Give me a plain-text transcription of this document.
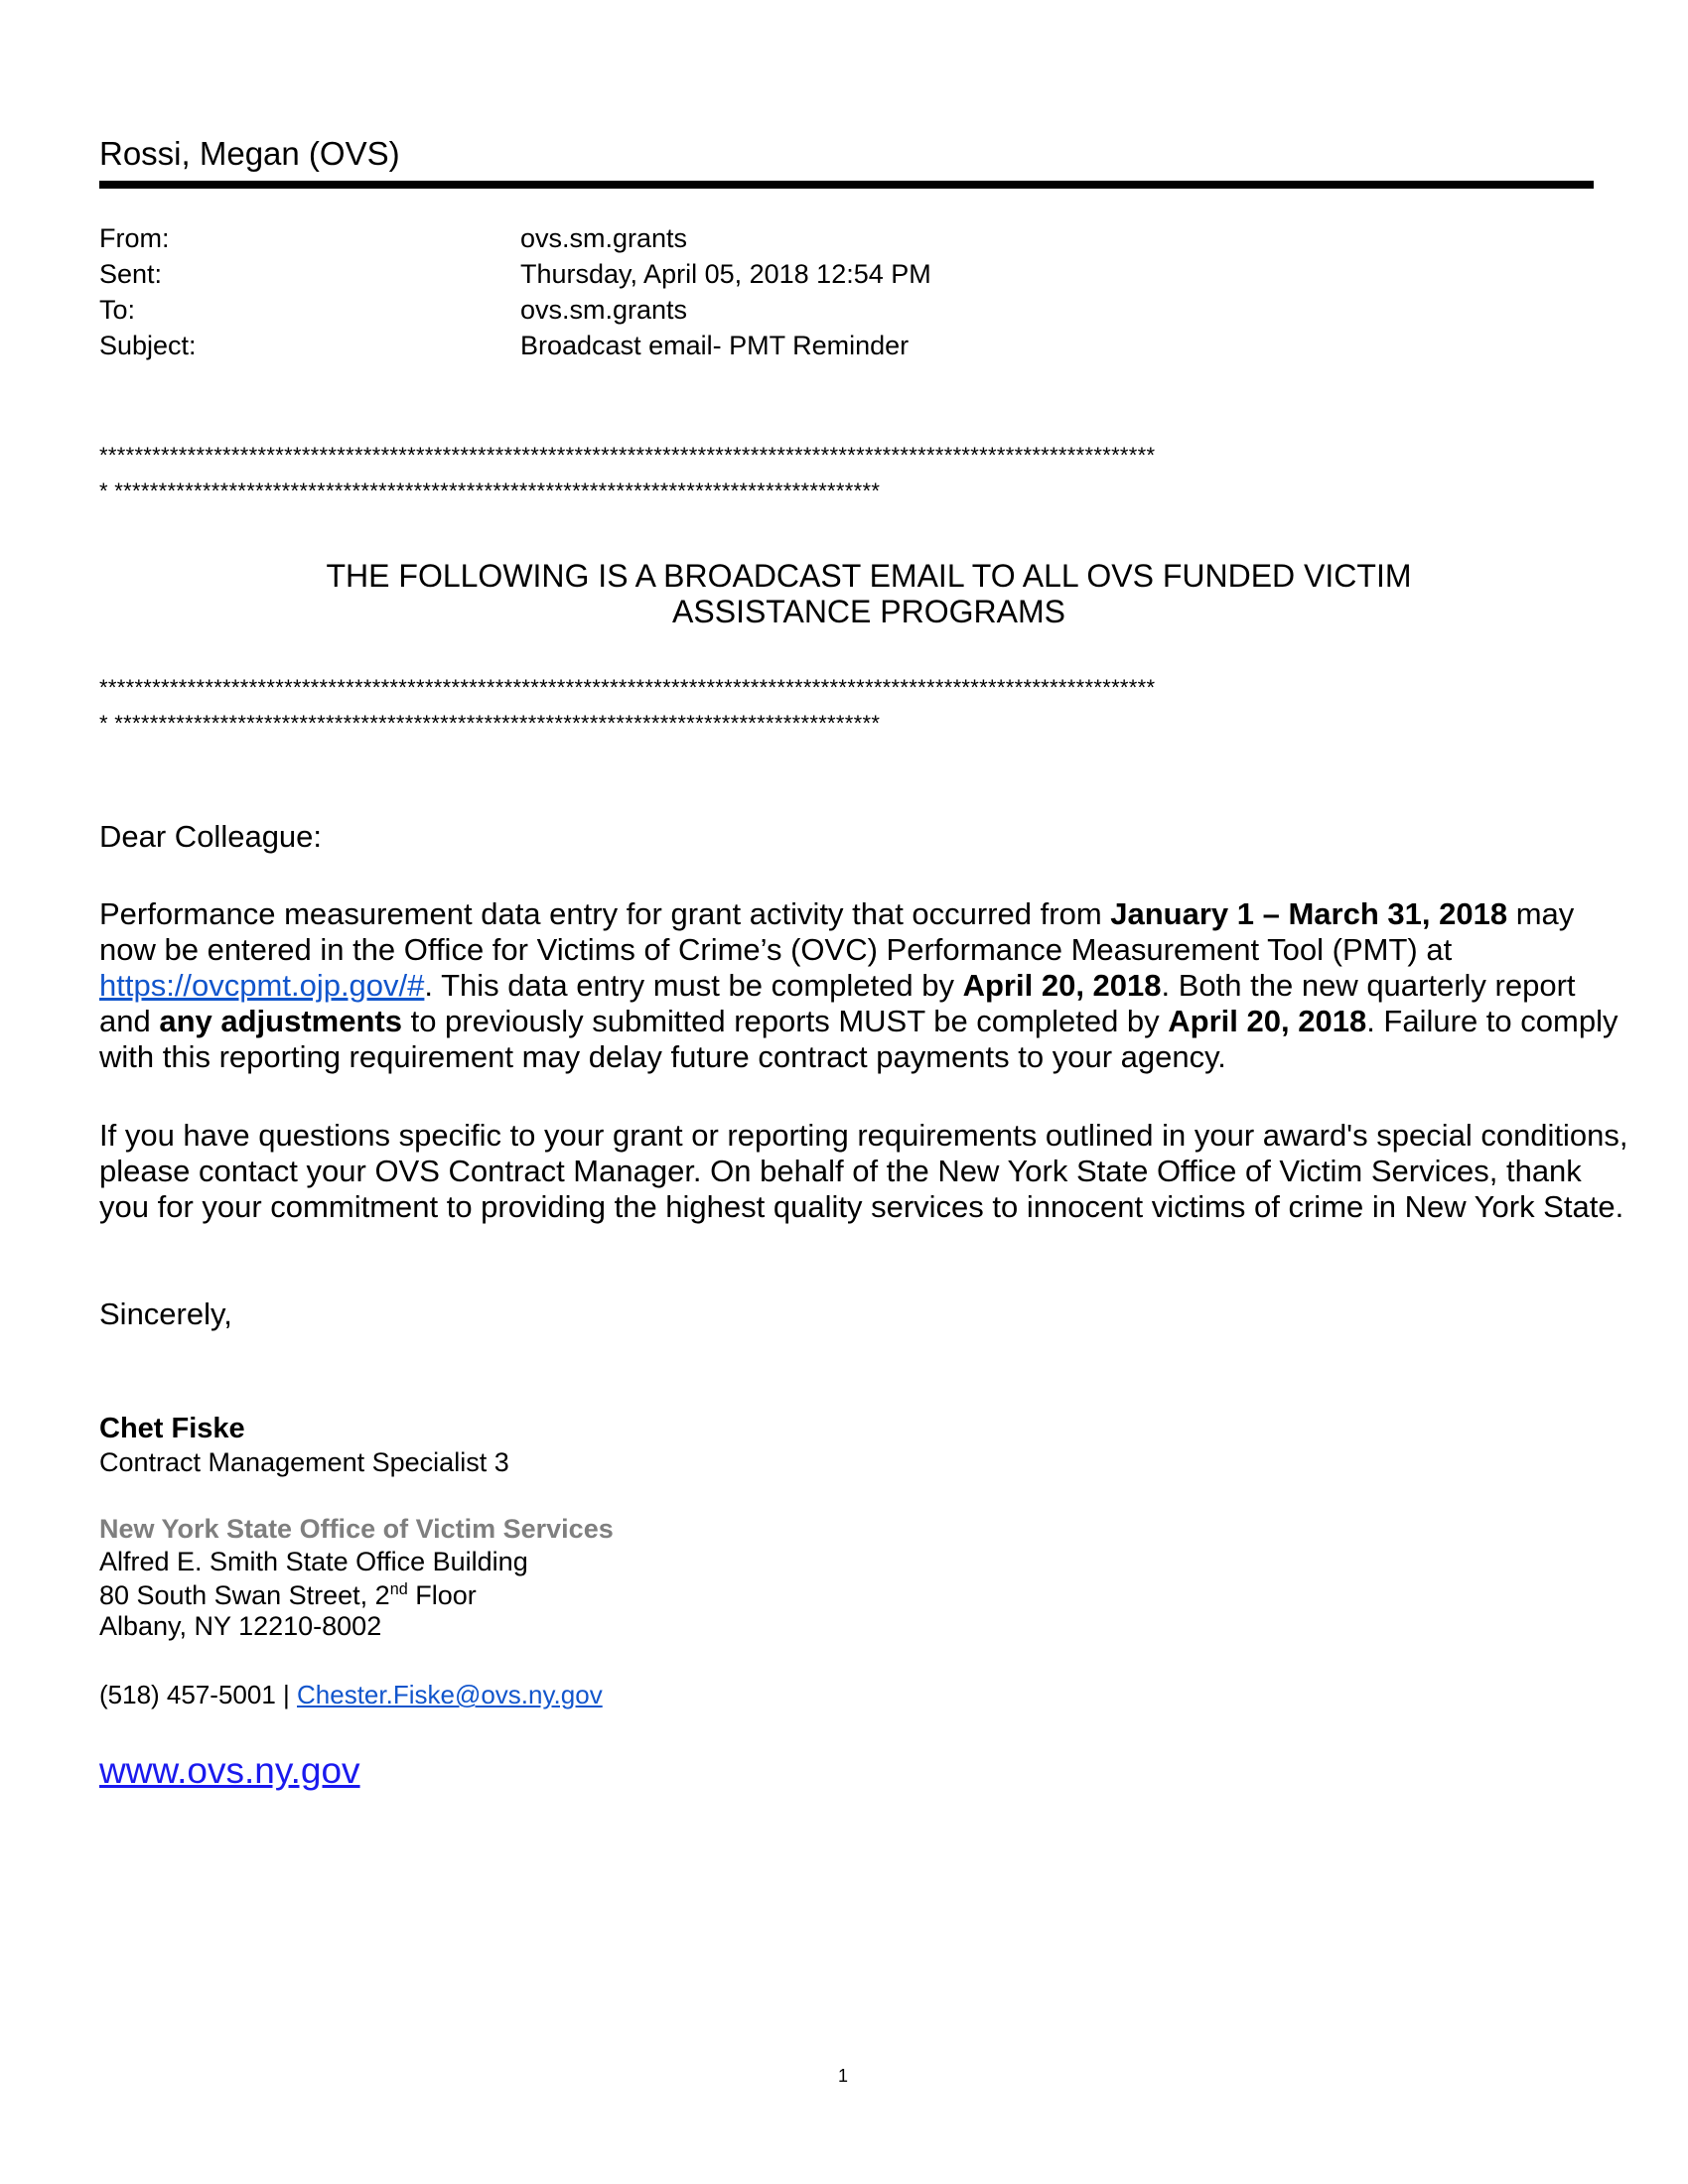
Rossi, Megan (OVS)
From:	ovs.sm.grants
Sent:	Thursday, April 05, 2018 12:54 PM
To:	ovs.sm.grants
Subject:	Broadcast email- PMT Reminder
************************************************************************************************************************
* ***************************************************************************************
THE FOLLOWING IS A BROADCAST EMAIL TO ALL OVS FUNDED VICTIM
ASSISTANCE PROGRAMS
************************************************************************************************************************
* ***************************************************************************************
Dear Colleague:
Performance measurement data entry for grant activity that occurred from January 1 – March 31, 2018 may now be entered in the Office for Victims of Crime’s (OVC) Performance Measurement Tool (PMT) at https://ovcpmt.ojp.gov/#. This data entry must be completed by April 20, 2018. Both the new quarterly report and any adjustments to previously submitted reports MUST be completed by April 20, 2018. Failure to comply with this reporting requirement may delay future contract payments to your agency.
If you have questions specific to your grant or reporting requirements outlined in your award's special conditions, please contact your OVS Contract Manager. On behalf of the New York State Office of Victim Services, thank you for your commitment to providing the highest quality services to innocent victims of crime in New York State.
Sincerely,
Chet Fiske
Contract Management Specialist 3
New York State Office of Victim Services
Alfred E. Smith State Office Building
80 South Swan Street, 2nd Floor
Albany, NY 12210-8002
(518) 457-5001 | Chester.Fiske@ovs.ny.gov
www.ovs.ny.gov
1
